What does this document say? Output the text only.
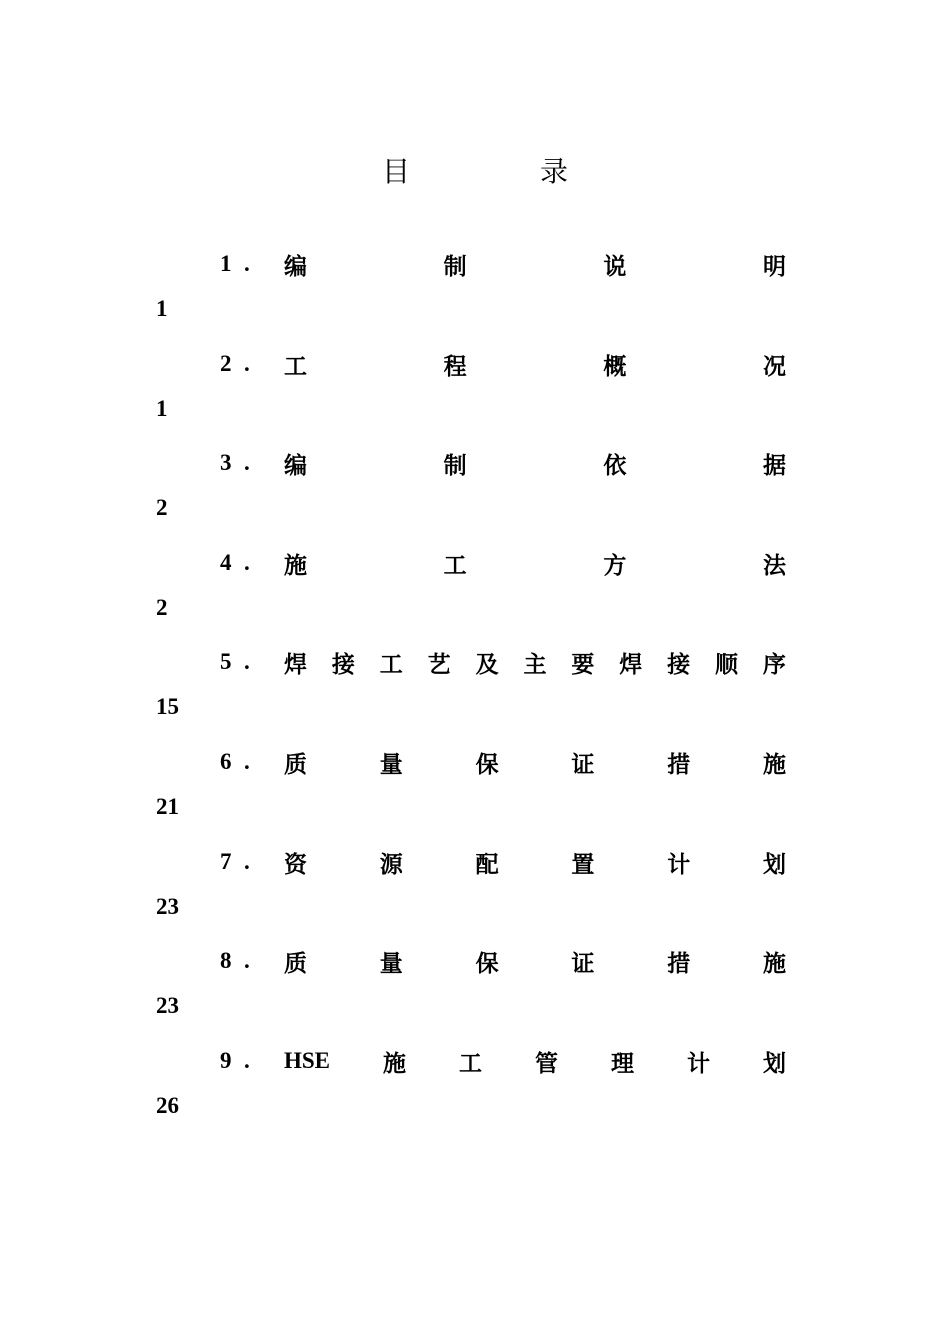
目	录
1 .	编	制	说	明
1
2 .	工	程	概	况
1
3 .	编	制	依	据
2
4 .	施	工	方	法
2
5 .	焊 接 工 艺 及 主 要 焊 接 顺 序
15
6 .	质	量	保	证	措	施
21
7 .	资	源	配	置	计	划
23
8 .	质	量	保	证	措	施
23
9 .	HSE 施 工 管 理 计 划
26
